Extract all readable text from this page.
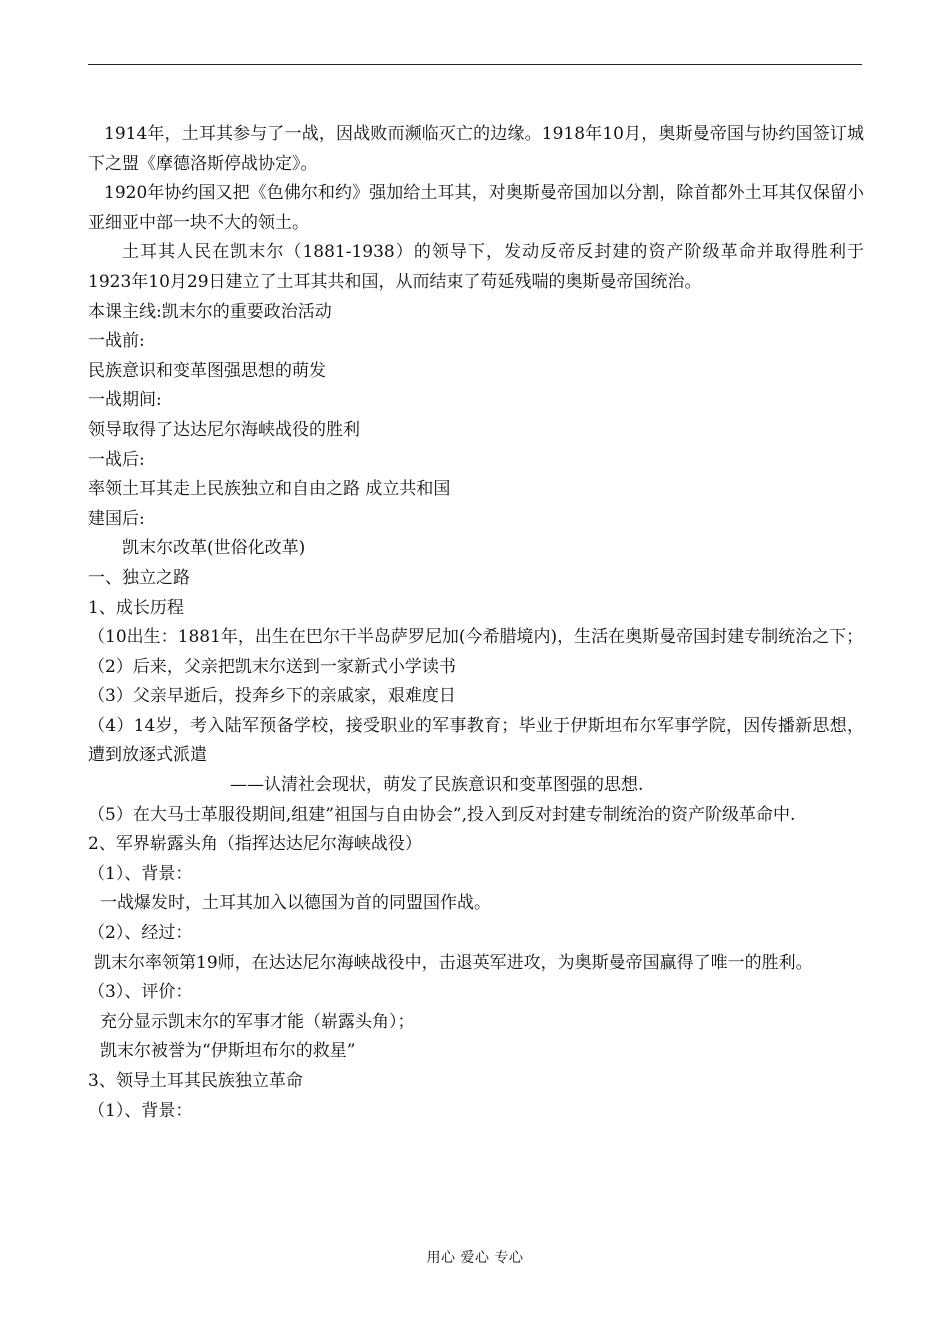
1914年，土耳其参与了一战，因战败而濒临灭亡的边缘。1918年10月，奥斯曼帝国与协约国签订城下之盟《摩德洛斯停战协定》。

1920年协约国又把《色佛尔和约》强加给土耳其，对奥斯曼帝国加以分割，除首都外土耳其仅保留小亚细亚中部一块不大的领土。

土耳其人民在凯末尔（1881-1938）的领导下，发动反帝反封建的资产阶级革命并取得胜利于1923年10月29日建立了土耳其共和国，从而结束了苟延残喘的奥斯曼帝国统治。

本课主线:凯末尔的重要政治活动

一战前:

民族意识和变革图强思想的萌发

一战期间:

领导取得了达达尼尔海峡战役的胜利

一战后:

率领土耳其走上民族独立和自由之路 成立共和国

建国后:

凯末尔改革(世俗化改革)

一、独立之路

1、成长历程

（10出生：1881年，出生在巴尔干半岛萨罗尼加(今希腊境内)，生活在奥斯曼帝国封建专制统治之下；

（2）后来，父亲把凯末尔送到一家新式小学读书

（3）父亲早逝后，投奔乡下的亲戚家，艰难度日

（4）14岁，考入陆军预备学校，接受职业的军事教育；毕业于伊斯坦布尔军事学院，因传播新思想，遭到放逐式派遣

——认清社会现状，萌发了民族意识和变革图强的思想.

（5）在大马士革服役期间,组建”祖国与自由协会”,投入到反对封建专制统治的资产阶级革命中.

2、军界崭露头角（指挥达达尼尔海峡战役）

（1）、背景：

一战爆发时，土耳其加入以德国为首的同盟国作战。

（2）、经过：

凯末尔率领第19师，在达达尼尔海峡战役中，击退英军进攻，为奥斯曼帝国赢得了唯一的胜利。

（3）、评价：

充分显示凯末尔的军事才能（崭露头角）；

凯末尔被誉为“伊斯坦布尔的救星”

3、领导土耳其民族独立革命

（1）、背景：

用心 爱心 专心
